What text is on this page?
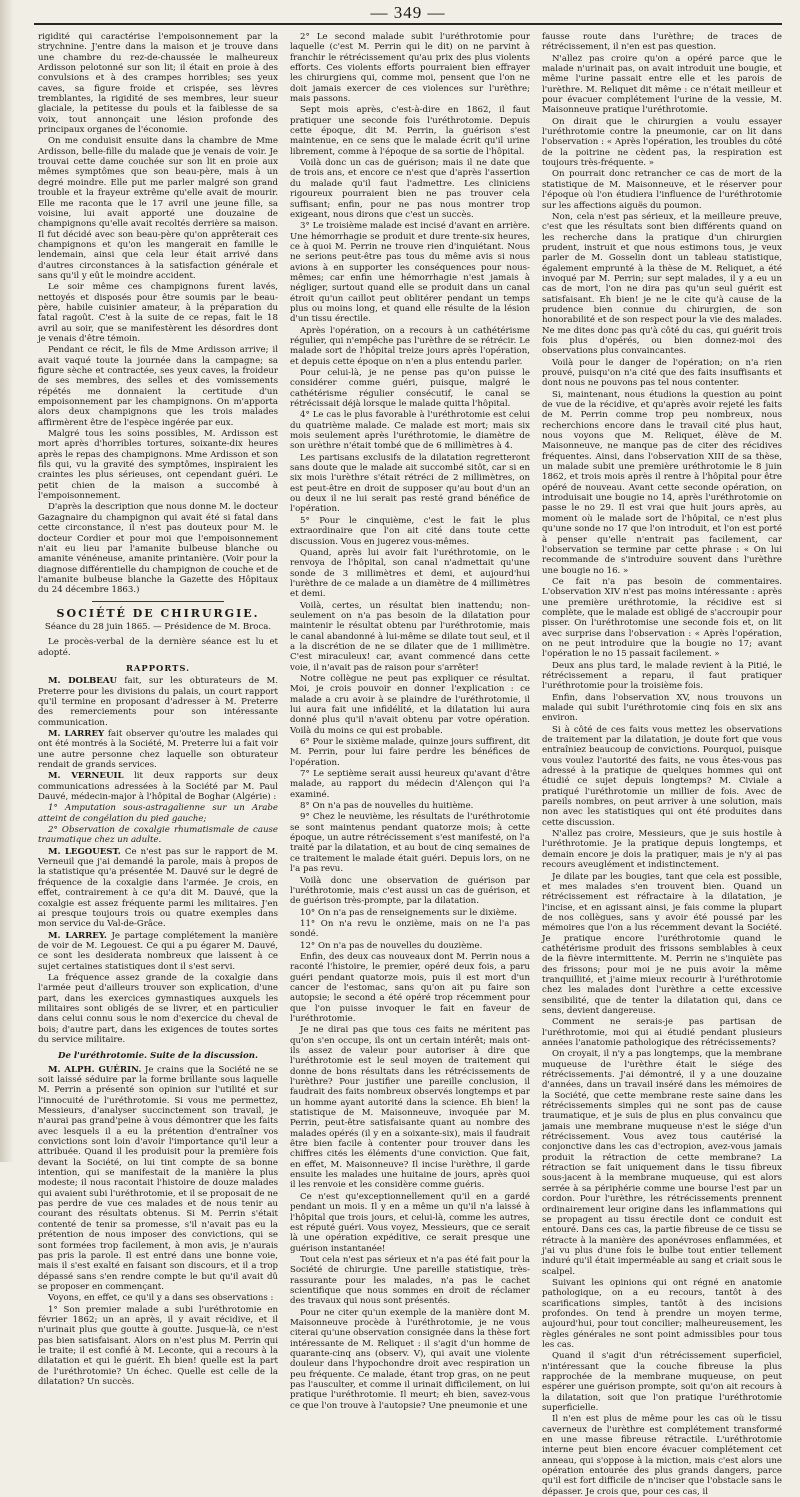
— 349 —

rigidité qui caractérise l'empoisonnement par la strychnine. J'entre dans la maison et je trouve dans une chambre du rez-de-chaussée le malheureux Ardisson pelotonné sur son lit; il était en proie à des convulsions et à des crampes horribles; ses yeux caves, sa figure froide et crispée, ses lèvres tremblantes, la rigidité de ses membres, leur sueur glaciale, la petitesse du pouls et la faiblesse de sa voix, tout annonçait une lésion profonde des principaux organes de l'économie.

On me conduisit ensuite dans la chambre de Mme Ardisson, belle-fille du malade que je venais de voir. Je trouvai cette dame couchée sur son lit en proie aux mêmes symptômes que son beau-père, mais à un degré moindre. Elle put me parler malgré son grand trouble et la frayeur extrême qu'elle avait de mourir. Elle me raconta que le 17 avril une jeune fille, sa voisine, lui avait apporté une douzaine de champignons qu'elle avait recoltés derrière sa maison. Il fut décidé avec son beau-père qu'on apprêterait ces champignons et qu'on les mangerait en famille le lendemain, ainsi que cela leur était arrivé dans d'autres circonstances à la satisfaction générale et sans qu'il y eût le moindre accident.

Le soir même ces champignons furent lavés, nettoyés et disposés pour être soumis par le beau-père, habile cuisinier amateur, à la préparation du fatal ragoût. C'est à la suite de ce repas, fait le 18 avril au soir, que se manifestèrent les désordres dont je venais d'être témoin.

Pendant ce récit, le fils de Mme Ardisson arrive; il avait vaqué toute la journée dans la campagne; sa figure sèche et contractée, ses yeux caves, la froideur de ses membres, des selles et des vomissements répétés me donnaient la certitude d'un empoisonnement par les champignons. On m'apporta alors deux champignons que les trois malades affirmèrent être de l'espèce ingérée par eux.

Malgré tous les soins possibles, M. Ardisson est mort après d'horribles tortures, soixante-dix heures après le repas des champignons. Mme Ardisson et son fils qui, vu la gravité des symptômes, inspiraient les craintes les plus sérieuses, ont cependant guéri. Le petit chien de la maison a succombé à l'empoisonnement.

D'après la description que nous donne M. le docteur Gazagnaire du champignon qui avait été si fatal dans cette circonstance, il n'est pas douteux pour M. le docteur Cordier et pour moi que l'empoisonnement n'ait eu lieu par l'amanite bulbeuse blanche ou amanite vénéneuse, amanite printanière. (Voir pour la diagnose différentielle du champignon de couche et de l'amanite bulbeuse blanche la Gazette des Hôpitaux du 24 décembre 1863.)

SOCIÉTÉ DE CHIRURGIE.
Séance du 28 juin 1865. — Présidence de M. Broca.

Le procès-verbal de la dernière séance est lu et adopté.

RAPPORTS.

M. DOLBEAU fait, sur les obturateurs de M. Preterre pour les divisions du palais, un court rapport qu'il termine en proposant d'adresser à M. Preterre des remerciements pour son intéressante communication.

M. LARREY fait observer qu'outre les malades qui ont été montrés à la Société, M. Preterre lui a fait voir une autre personne chez laquelle son obturateur rendait de grands services.

M. VERNEUIL lit deux rapports sur deux communications adressées à la Société par M. Paul Dauvé, médecin-major à l'hôpital de Boghar (Algérie) :

1° Amputation sous-astragalienne sur un Arabe atteint de congélation du pied gauche;

2° Observation de coxalgie rhumatismale de cause traumatique chez un adulte.

M. LEGOUEST. Ce n'est pas sur le rapport de M. Verneuil que j'ai demandé la parole, mais à propos de la statistique qu'a présentée M. Dauvé sur le degré de fréquence de la coxalgie dans l'armée. Je crois, en effet, contrairement à ce qu'a dit M. Dauvé, que la coxalgie est assez fréquente parmi les militaires. J'en ai presque toujours trois ou quatre exemples dans mon service du Val-de-Grâce.

M. LARREY. Je partage complétement la manière de voir de M. Legouest. Ce qui a pu égarer M. Dauvé, ce sont les desiderata nombreux que laissent à ce sujet certaines statistiques dont il s'est servi.

La fréquence assez grande de la coxalgie dans l'armée peut d'ailleurs trouver son explication, d'une part, dans les exercices gymnastiques auxquels les militaires sont obligés de se livrer, et en particulier dans celui connu sous le nom d'exercice du cheval de bois; d'autre part, dans les exigences de toutes sortes du service militaire.

De l'uréthrotomie. Suite de la discussion.

M. ALPH. GUÉRIN. Je crains que la Société ne se soit laissé séduire par la forme brillante sous laquelle M. Perrin a présenté son opinion sur l'utilité et sur l'innocuité de l'uréthrotomie. Si vous me permettez, Messieurs, d'analyser succinctement son travail, je n'aurai pas grand'peine à vous démontrer que les faits avec lesquels il a eu la prétention d'entraîner vos convictions sont loin d'avoir l'importance qu'il leur a attribuée. Quand il les produisit pour la première fois devant la Société, on lui tint compte de sa bonne intention, qui se manifestait de la manière la plus modeste; il nous racontait l'histoire de douze malades qui avaient subi l'uréthrotomie, et il se proposait de ne pas perdre de vue ces malades et de nous tenir au courant des résultats obtenus. Si M. Perrin s'était contenté de tenir sa promesse, s'il n'avait pas eu la prétention de nous imposer des convictions, qui se sont formées trop facilement, à mon avis, je n'aurais pas pris la parole. Il est entré dans une bonne voie, mais il s'est exalté en faisant son discours, et il a trop dépassé sans s'en rendre compte le but qu'il avait dû se proposer en commençant.

Voyons, en effet, ce qu'il y a dans ses observations :

1° Son premier malade a subi l'uréthrotomie en février 1862; un an après, il y avait récidive, et il n'urinait plus que goutte à goutte. Jusque-là, ce n'est pas bien satisfaisant. Alors on n'est plus M. Perrin qui le traite; il est confié à M. Leconte, qui a recours à la dilatation et qui le guérit. Eh bien! quelle est la part de l'uréthrotomie? Un échec. Quelle est celle de la dilatation? Un succès.

2° Le second malade subit l'uréthrotomie pour laquelle (c'est M. Perrin qui le dit) on ne parvint à franchir le rétrécissement qu'au prix des plus violents efforts. Ces violents efforts pourraient bien effrayer les chirurgiens qui, comme moi, pensent que l'on ne doit jamais exercer de ces violences sur l'urèthre; mais passons.

Sept mois après, c'est-à-dire en 1862, il faut pratiquer une seconde fois l'uréthrotomie. Depuis cette époque, dit M. Perrin, la guérison s'est maintenue, en ce sens que le malade écrit qu'il urine librement, comme à l'époque de sa sortie de l'hôpital.

Voilà donc un cas de guérison; mais il ne date que de trois ans, et encore ce n'est que d'après l'assertion du malade qu'il faut l'admettre. Les cliniciens rigoureux pourraient bien ne pas trouver cela suffisant; enfin, pour ne pas nous montrer trop exigeant, nous dirons que c'est un succès.

3° Le troisième malade est incisé d'avant en arrière. Une hémorrhagie se produit et dure trente-six heures, ce à quoi M. Perrin ne trouve rien d'inquiétant. Nous ne serions peut-être pas tous du même avis si nous avions à en supporter les conséquences pour nous-mêmes; car enfin une hémorrhagie n'est jamais à négliger, surtout quand elle se produit dans un canal étroit qu'un caillot peut oblitérer pendant un temps plus ou moins long, et quand elle résulte de la lésion d'un tissu érectile.

Après l'opération, on a recours à un cathétérisme régulier, qui n'empêche pas l'urèthre de se rétrécir. Le malade sort de l'hôpital treize jours après l'opération, et depuis cette époque on n'en a plus entendu parler.

Pour celui-là, je ne pense pas qu'on puisse le considérer comme guéri, puisque, malgré le cathétérisme régulier consécutif, le canal se rétrécissait déjà lorsque le malade quitta l'hôpital.

4° Le cas le plus favorable à l'uréthrotomie est celui du quatrième malade. Ce malade est mort; mais six mois seulement après l'uréthrotomie, le diamètre de son urèthre n'était tombé que de 6 millimètres à 4.

Les partisans exclusifs de la dilatation regretteront sans doute que le malade ait succombé sitôt, car si en six mois l'urèthre s'était rétréci de 2 millimètres, on est peut-être en droit de supposer qu'au bout d'un an ou deux il ne lui serait pas resté grand bénéfice de l'opération.

5° Pour le cinquième, c'est le fait le plus extraordinaire que l'on ait cité dans toute cette discussion. Vous en jugerez vous-mêmes.

Quand, après lui avoir fait l'uréthrotomie, on le renvoya de l'hôpital, son canal n'admettait qu'une sonde de 3 millimètres et demi, et aujourd'hui l'urèthre de ce malade a un diamètre de 4 millimètres et demi.

Voilà, certes, un résultat bien inattendu; non-seulement on n'a pas besoin de la dilatation pour maintenir le résultat obtenu par l'uréthrotomie, mais le canal abandonné à lui-même se dilate tout seul, et il a la discrétion de ne se dilater que de 1 millimètre. C'est miraculeux! car, avant commencé dans cette voie, il n'avait pas de raison pour s'arrêter!

Notre collègue ne peut pas expliquer ce résultat. Moi, je crois pouvoir en donner l'explication : ce malade a cru avoir à se plaindre de l'uréthrotomie, il lui aura fait une infidélité, et la dilatation lui aura donné plus qu'il n'avait obtenu par votre opération. Voilà du moins ce qui est probable.

6° Pour le sixième malade, quinze jours suffirent, dit M. Perrin, pour lui faire perdre les bénéfices de l'opération.

7° Le septième serait aussi heureux qu'avant d'être malade, au rapport du médecin d'Alençon qui l'a examiné.

8° On n'a pas de nouvelles du huitième.

9° Chez le neuvième, les résultats de l'uréthrotomie se sont maintenus pendant quatorze mois; à cette époque, un autre rétrécissement s'est manifesté, on l'a traité par la dilatation, et au bout de cinq semaines de ce traitement le malade était guéri. Depuis lors, on ne l'a pas revu.

Voilà donc une observation de guérison par l'uréthrotomie, mais c'est aussi un cas de guérison, et de guérison très-prompte, par la dilatation.

10° On n'a pas de renseignements sur le dixième.

11° On n'a revu le onzième, mais on ne l'a pas sondé.

12° On n'a pas de nouvelles du douzième.

Enfin, des deux cas nouveaux dont M. Perrin nous a raconté l'histoire, le premier, opéré deux fois, a paru guéri pendant quatorze mois, puis il est mort d'un cancer de l'estomac, sans qu'on ait pu faire son autopsie; le second a été opéré trop récemment pour que l'on puisse invoquer le fait en faveur de l'uréthrotomie.

Je ne dirai pas que tous ces faits ne méritent pas qu'on s'en occupe, ils ont un certain intérêt; mais ont-ils assez de valeur pour autoriser à dire que l'uréthrotomie est le seul moyen de traitement qui donne de bons résultats dans les rétrécissements de l'urèthre? Pour justifier une pareille conclusion, il faudrait des faits nombreux observés longtemps et par un homme ayant autorité dans la science. Eh bien! la statistique de M. Maisonneuve, invoquée par M. Perrin, peut-être satisfaisante quant au nombre des malades opérés (il y en a soixante-six), mais il faudrait être bien facile à contenter pour trouver dans les chiffres cités les éléments d'une conviction. Que fait, en effet, M. Maisonneuve? Il incise l'urèthre, il garde ensuite les malades une huitaine de jours, après quoi il les renvoie et les considère comme guéris.

Ce n'est qu'exceptionnellement qu'il en a gardé pendant un mois. Il y en a même un qu'il n'a laissé à l'hôpital que trois jours, et celui-là, comme les autres, est réputé guéri. Vous voyez, Messieurs, que ce serait là une opération expéditive, ce serait presque une guérison instantanée!

Tout cela n'est pas sérieux et n'a pas été fait pour la Société de chirurgie. Une pareille statistique, très-rassurante pour les malades, n'a pas le cachet scientifique que nous sommes en droit de réclamer des travaux qui nous sont présentés.

Pour ne citer qu'un exemple de la manière dont M. Maisonneuve procède à l'uréthrotomie, je ne vous citerai qu'une observation consignée dans la thèse fort intéressante de M. Reliquet : il s'agit d'un homme de quarante-cinq ans (observ. V), qui avait une violente douleur dans l'hypochondre droit avec respiration un peu fréquente. Ce malade, étant trop gras, on ne peut pas l'ausculter, et comme il urinait difficilement, on lui pratique l'uréthrotomie. Il meurt; eh bien, savez-vous ce que l'on trouve à l'autopsie? Une pneumonie et une

fausse route dans l'urèthre; de traces de rétrécissement, il n'en est pas question.

N'allez pas croire qu'on a opéré parce que le malade n'urinait pas, on avait introduit une bougie, et même l'urine passait entre elle et les parois de l'urèthre. M. Reliquet dit même : ce n'était meilleur et pour évacuer complétement l'urine de la vessie, M. Maisonneuve pratique l'uréthrotomie.

On dirait que le chirurgien a voulu essayer l'uréthrotomie contre la pneumonie, car on lit dans l'observation : « Après l'opération, les troubles du côté de la poitrine ne cèdent pas, la respiration est toujours très-fréquente. »

On pourrait donc retrancher ce cas de mort de la statistique de M. Maisonneuve, et le réserver pour l'époque où l'on étudiera l'influence de l'uréthrotomie sur les affections aiguës du poumon.

Non, cela n'est pas sérieux, et la meilleure preuve, c'est que les résultats sont bien différents quand on les recherche dans la pratique d'un chirurgien prudent, instruit et que nous estimons tous, je veux parler de M. Gosselin dont un tableau statistique, également emprunté à la thèse de M. Reliquet, a été invoqué par M. Perrin; sur sept malades, il y a eu un cas de mort, l'on ne dira pas qu'un seul guérit est satisfaisant. Eh bien! je ne le cite qu'à cause de la prudence bien connue du chirurgien, de son honorabilité et de son respect pour la vie des malades. Ne me dites donc pas qu'à côté du cas, qui guérit trois fois plus d'opérés, ou bien donnez-moi des observations plus convaincantes.

Voilà pour le danger de l'opération; on n'a rien prouvé, puisqu'on n'a cité que des faits insuffisants et dont nous ne pouvons pas tel nous contenter.

Si, maintenant, nous étudions la question au point de vue de la récidive, et qu'après avoir rejeté les faits de M. Perrin comme trop peu nombreux, nous recherchions encore dans le travail cité plus haut, nous voyons que M. Reliquet, élève de M. Maisonneuve, ne manque pas de citer des récidives fréquentes. Ainsi, dans l'observation XIII de sa thèse, un malade subit une première uréthrotomie le 8 juin 1862, et trois mois après il rentre à l'hôpital pour être opéré de nouveau. Avant cette seconde opération, on introduisait une bougie no 14, après l'uréthrotomie on passe le no 29. Il est vrai que huit jours après, au moment où le malade sort de l'hôpital, ce n'est plus qu'une sonde no 17 que l'on introduit, et l'on est porté à penser qu'elle n'entrait pas facilement, car l'observation se termine par cette phrase : « On lui recommande de s'introduire souvent dans l'urèthre une bougie no 16. »

Ce fait n'a pas besoin de commentaires. L'observation XIV n'est pas moins intéressante : après une première uréthrotomie, la récidive est si complète, que le malade est obligé de s'accroupir pour pisser. On l'uréthrotomise une seconde fois et, on lit avec surprise dans l'observation : « Après l'opération, on ne peut introduire que la bougie no 17; avant l'opération le no 15 passait facilement. »

Deux ans plus tard, le malade revient à la Pitié, le rétrécissement a reparu, il faut pratiquer l'uréthrotomie pour la troisième fois.

Enfin, dans l'observation XV, nous trouvons un malade qui subit l'uréthrotomie cinq fois en six ans environ.

Si à côté de ces faits vous mettez les observations de traitement par la dilatation, je doute fort que vous entraîniez beaucoup de convictions. Pourquoi, puisque vous voulez l'autorité des faits, ne vous êtes-vous pas adressé à la pratique de quelques hommes qui ont étudié ce sujet depuis longtemps? M. Civiale a pratiqué l'uréthrotomie un millier de fois. Avec de pareils nombres, on peut arriver à une solution, mais non avec les statistiques qui ont été produites dans cette discussion.

N'allez pas croire, Messieurs, que je suis hostile à l'uréthrotomie. Je la pratique depuis longtemps, et demain encore je dois la pratiquer, mais je n'y ai pas recours aveuglément et indistinctement.

Je dilate par les bougies, tant que cela est possible, et mes malades s'en trouvent bien. Quand un rétrécissement est réfractaire à la dilatation, je l'incise, et en agissant ainsi, je fais comme la plupart de nos collègues, sans y avoir été poussé par les mémoires que l'on a lus récemment devant la Société. Je pratique encore l'uréthrotomie quand le cathétérisme produit des frissons semblables à ceux de la fièvre intermittente. M. Perrin ne s'inquiète pas des frissons; pour moi je ne puis avoir la même tranquillité, et j'aime mieux recourir à l'uréthrotomie chez les malades dont l'urèthre a cette excessive sensibilité, que de tenter la dilatation qui, dans ce sens, devient dangereuse.

Comment ne serais-je pas partisan de l'uréthrotomie, moi qui ai étudié pendant plusieurs années l'anatomie pathologique des rétrécissements?

On croyait, il n'y a pas longtemps, que la membrane muqueuse de l'urèthre était le siége des rétrécissements. J'ai démontré, il y a une douzaine d'années, dans un travail inséré dans les mémoires de la Société, que cette membrane reste saine dans les rétrécissements simples qui ne sont pas de cause traumatique, et je suis de plus en plus convaincu que jamais une membrane muqueuse n'est le siége d'un rétrécissement. Vous avez tous cautérisé la conjonctive dans les cas d'ectropion, avez-vous jamais produit la rétraction de cette membrane? La rétraction se fait uniquement dans le tissu fibreux sous-jacent à la membrane muqueuse, qui est alors serrée à sa périphérie comme une bourse l'est par un cordon. Pour l'urèthre, les rétrécissements prennent ordinairement leur origine dans les inflammations qui se propagent au tissu érectile dont ce conduit est entouré. Dans ces cas, la partie fibreuse de ce tissu se rétracte à la manière des aponévroses enflammées, et j'ai vu plus d'une fois le bulbe tout entier tellement induré qu'il était imperméable au sang et criait sous le scalpel.

Suivant les opinions qui ont régné en anatomie pathologique, on a eu recours, tantôt à des scarifications simples, tantôt à des incisions profondes. On tend à prendre un moyen terme, aujourd'hui, pour tout concilier; malheureusement, les règles générales ne sont point admissibles pour tous les cas.

Quand il s'agit d'un rétrécissement superficiel, n'intéressant que la couche fibreuse la plus rapprochée de la membrane muqueuse, on peut espérer une guérison prompte, soit qu'on ait recours à la dilatation, soit que l'on pratique l'uréthrotomie superficielle.

Il n'en est plus de même pour les cas où le tissu caverneux de l'urèthre est complétement transformé en une masse fibreuse rétractile. L'uréthrotomie interne peut bien encore évacuer complétement cet anneau, qui s'oppose à la miction, mais c'est alors une opération entourée des plus grands dangers, parce qu'il est fort difficile de n'inciser que l'obstacle sans le dépasser. Je crois que, pour ces cas, il
